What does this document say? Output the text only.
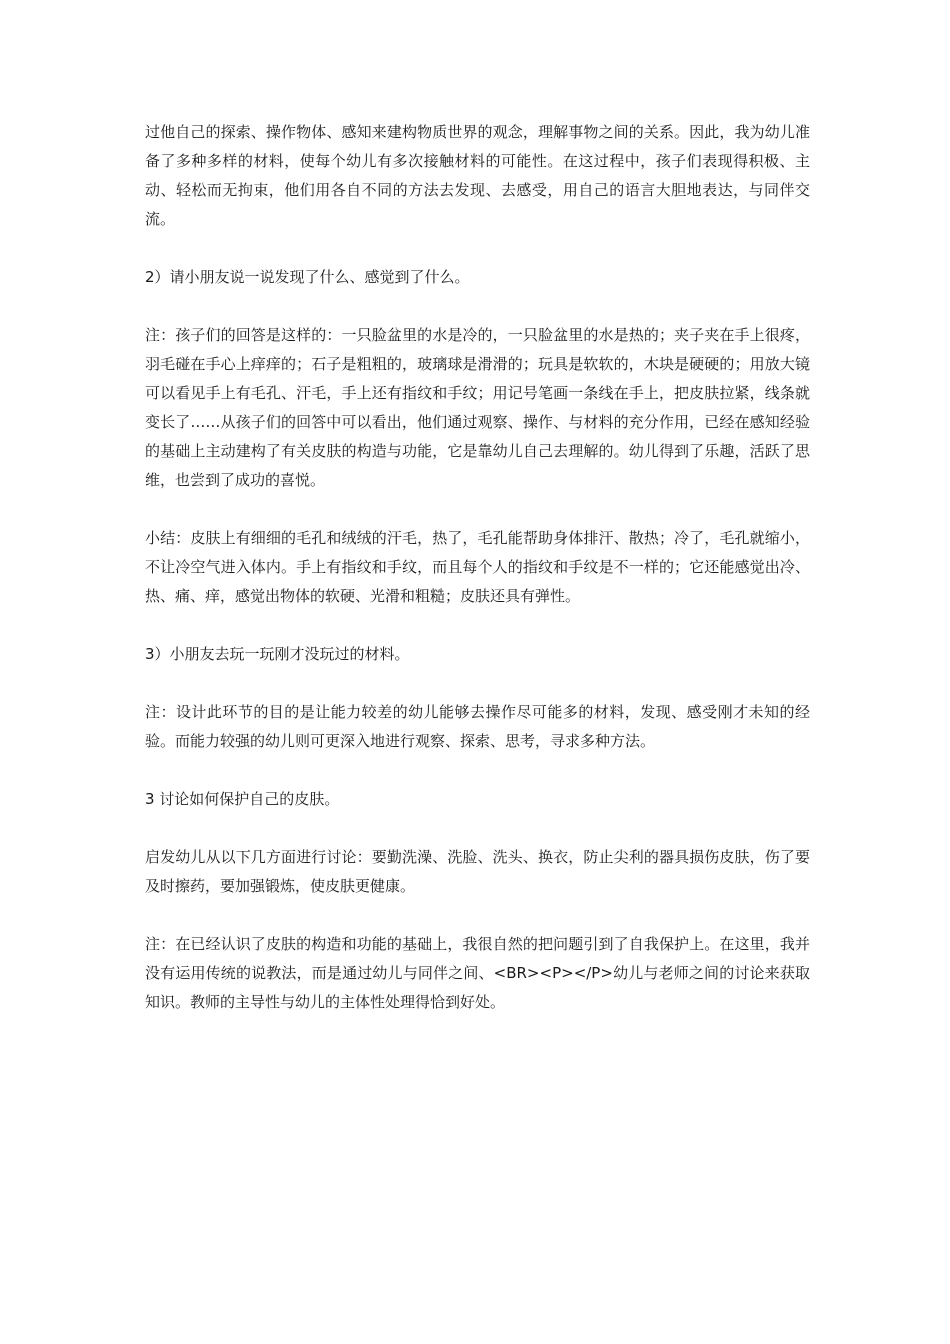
过他自己的探索、操作物体、感知来建构物质世界的观念，理解事物之间的关系。因此，我为幼儿准备了多种多样的材料，使每个幼儿有多次接触材料的可能性。在这过程中，孩子们表现得积极、主动、轻松而无拘束，他们用各自不同的方法去发现、去感受，用自己的语言大胆地表达，与同伴交流。

2）请小朋友说一说发现了什么、感觉到了什么。

注：孩子们的回答是这样的：一只脸盆里的水是冷的，一只脸盆里的水是热的；夹子夹在手上很疼，羽毛碰在手心上痒痒的；石子是粗粗的，玻璃球是滑滑的；玩具是软软的，木块是硬硬的；用放大镜可以看见手上有毛孔、汗毛，手上还有指纹和手纹；用记号笔画一条线在手上，把皮肤拉紧，线条就变长了……从孩子们的回答中可以看出，他们通过观察、操作、与材料的充分作用，已经在感知经验的基础上主动建构了有关皮肤的构造与功能，它是靠幼儿自己去理解的。幼儿得到了乐趣，活跃了思维，也尝到了成功的喜悦。

小结：皮肤上有细细的毛孔和绒绒的汗毛，热了，毛孔能帮助身体排汗、散热；冷了，毛孔就缩小，不让冷空气进入体内。手上有指纹和手纹，而且每个人的指纹和手纹是不一样的；它还能感觉出冷、热、痛、痒，感觉出物体的软硬、光滑和粗糙；皮肤还具有弹性。

3）小朋友去玩一玩刚才没玩过的材料。

注：设计此环节的目的是让能力较差的幼儿能够去操作尽可能多的材料，发现、感受刚才未知的经验。而能力较强的幼儿则可更深入地进行观察、探索、思考，寻求多种方法。

3 讨论如何保护自己的皮肤。

启发幼儿从以下几方面进行讨论：要勤洗澡、洗脸、洗头、换衣，防止尖利的器具损伤皮肤，伤了要及时擦药，要加强锻炼，使皮肤更健康。

注：在已经认识了皮肤的构造和功能的基础上，我很自然的把问题引到了自我保护上。在这里，我并没有运用传统的说教法，而是通过幼儿与同伴之间、<BR><P></P>幼儿与老师之间的讨论来获取知识。教师的主导性与幼儿的主体性处理得恰到好处。
